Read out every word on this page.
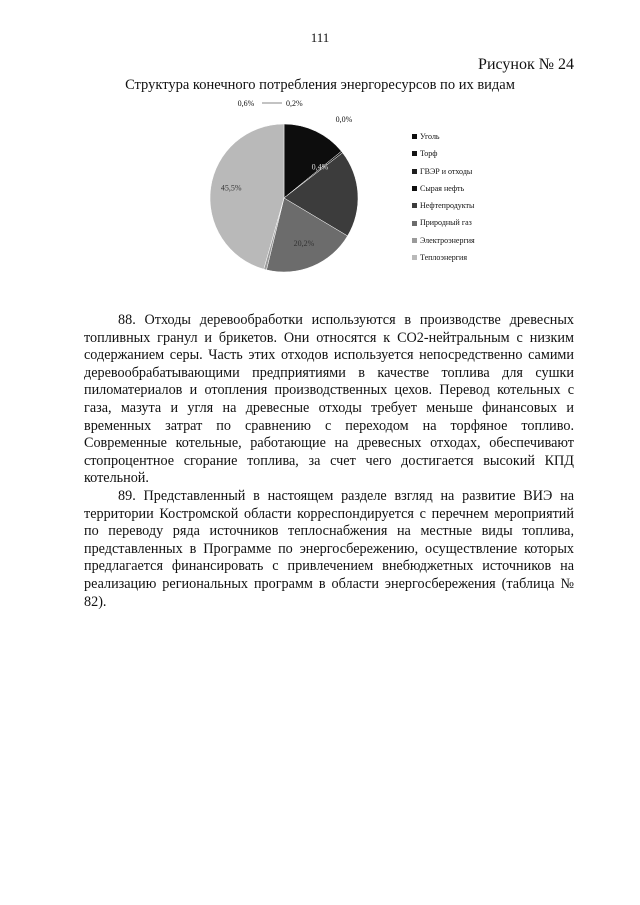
111
Рисунок № 24
Структура конечного потребления энергоресурсов по их видам
0,0%
0,4%
20,2%
0,6%
45,5%
0,2%
Уголь
Торф
ГВЭР и отходы
Сырая нефть
Нефтепродукты
Природный газ
Электроэнергия
Теплоэнергия

88. Отходы деревообработки используются в производстве древесных топливных гранул и брикетов. Они относятся к СО2-нейтральным с низким содержанием серы. Часть этих отходов используется непосредственно самими деревообрабатывающими предприятиями в качестве топлива для сушки пиломатериалов и отопления производственных цехов. Перевод котельных с газа, мазута и угля на древесные отходы требует меньше финансовых и временных затрат по сравнению с переходом на торфяное топливо. Современные котельные, работающие на древесных отходах, обеспечивают стопроцентное сгорание топлива, за счет чего достигается высокий КПД котельной.

89. Представленный в настоящем разделе взгляд на развитие ВИЭ на территории Костромской области корреспондируется с перечнем мероприятий по переводу ряда источников теплоснабжения на местные виды топлива, представленных в Программе по энергосбережению, осуществление которых предлагается финансировать с привлечением внебюджетных источников на реализацию региональных программ в области энергосбережения (таблица № 82).
